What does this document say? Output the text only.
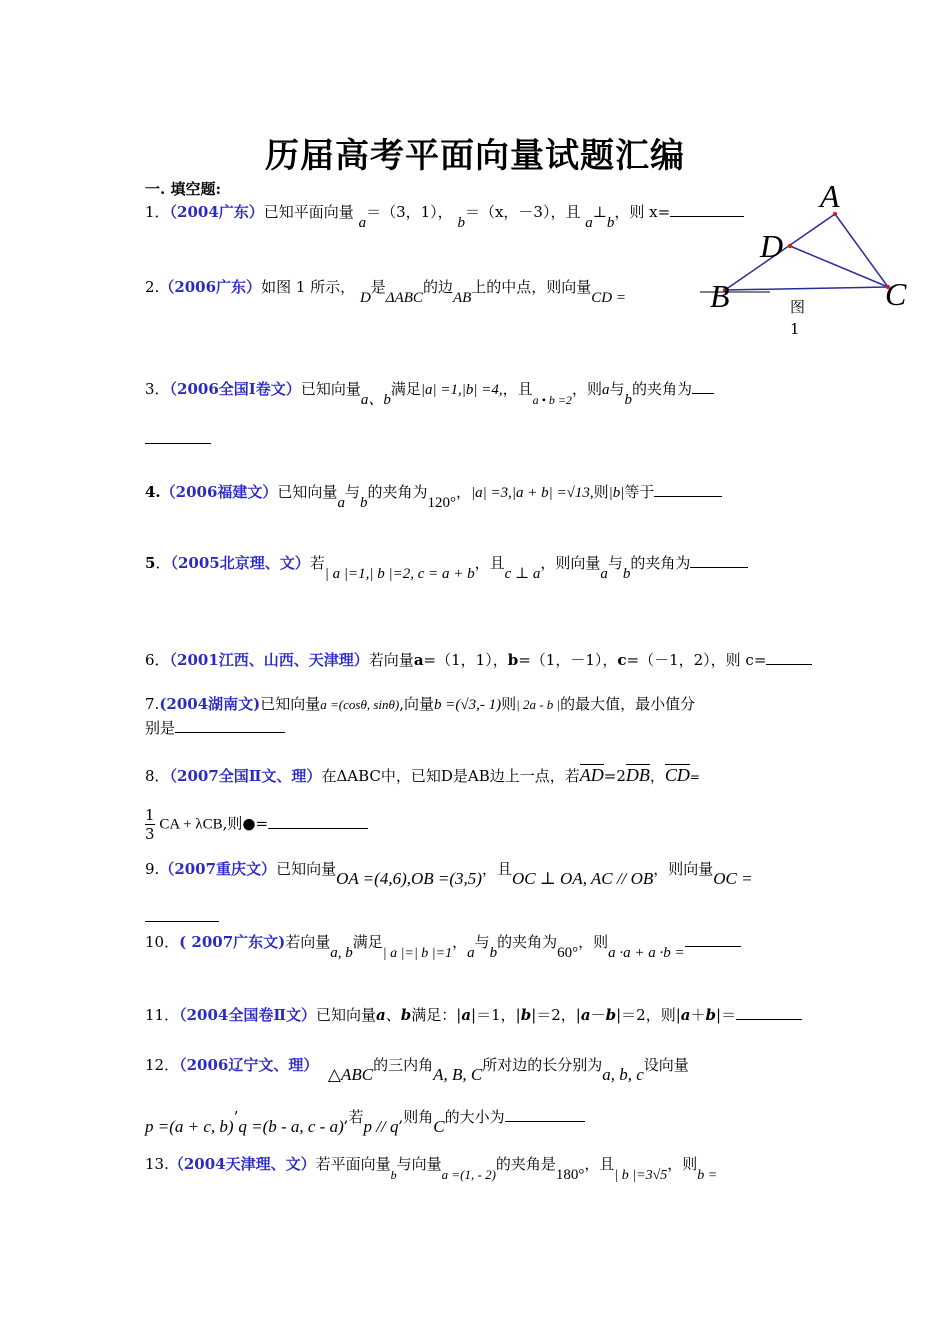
历届高考平面向量试题汇编
一. 填空题:	A
D
B	C
图
1
1．（2004广东）已知平面向量 a＝（3，1）， b＝（x，－3），且 a⊥b，则 x=
2.（2006广东）如图 1 所示， D是ΔABC的边AB上的中点，则向量CD =
3．（2006全国Ⅰ卷文）已知向量a、b满足|a| =1,|b| =4,，且$_{a • b =2}$，则a与b的夹角为
4.（2006福建文）已知向量a与b的夹角为120°，|a| =3,|a + b| =√13,则|b|等于
5．（2005北京理、文）若| a |=1,| b |=2, c = a + b，且c ⊥ a，则向量a与b的夹角为
6．（2001江西、山西、天津理）若向量a=（1，1），b=（1，－1），c=（－1，2），则 c=
7.(2004湖南文)已知向量a =(cosθ, sinθ),向量b =(√3,- 1)则| 2a - b |的最大值，最小值分
别是
8．（2007全国Ⅱ文、理）在ΔABC中，已知D是AB边上一点，若AD=2DB，CD=
$\frac{1}{3}$ CA + λCB,则●=
9.（2007重庆文）已知向量OA =(4,6),OB =(3,5)，且OC ⊥ OA, AC // OB，则向量OC =
10．( 2007广东文)若向量a, b满足| a |=| b |=1，a与b的夹角为60°，则a ·a + a ·b =
11．（2004全国卷Ⅱ文）已知向量a、b满足：|a|＝1，|b|＝2，|a－b|＝2，则|a＋b|＝
12．（2006辽宁文、理） △ABC的三内角A, B, C所对边的长分别为a, b, c设向量
p =(a + c, b)’q =(b - a, c - a),若p // q,则角C的大小为
13.（2004天津理、文）若平面向量$_b$与向量a =(1, - 2)的夹角是180°，且| b |=3√5，则b =
